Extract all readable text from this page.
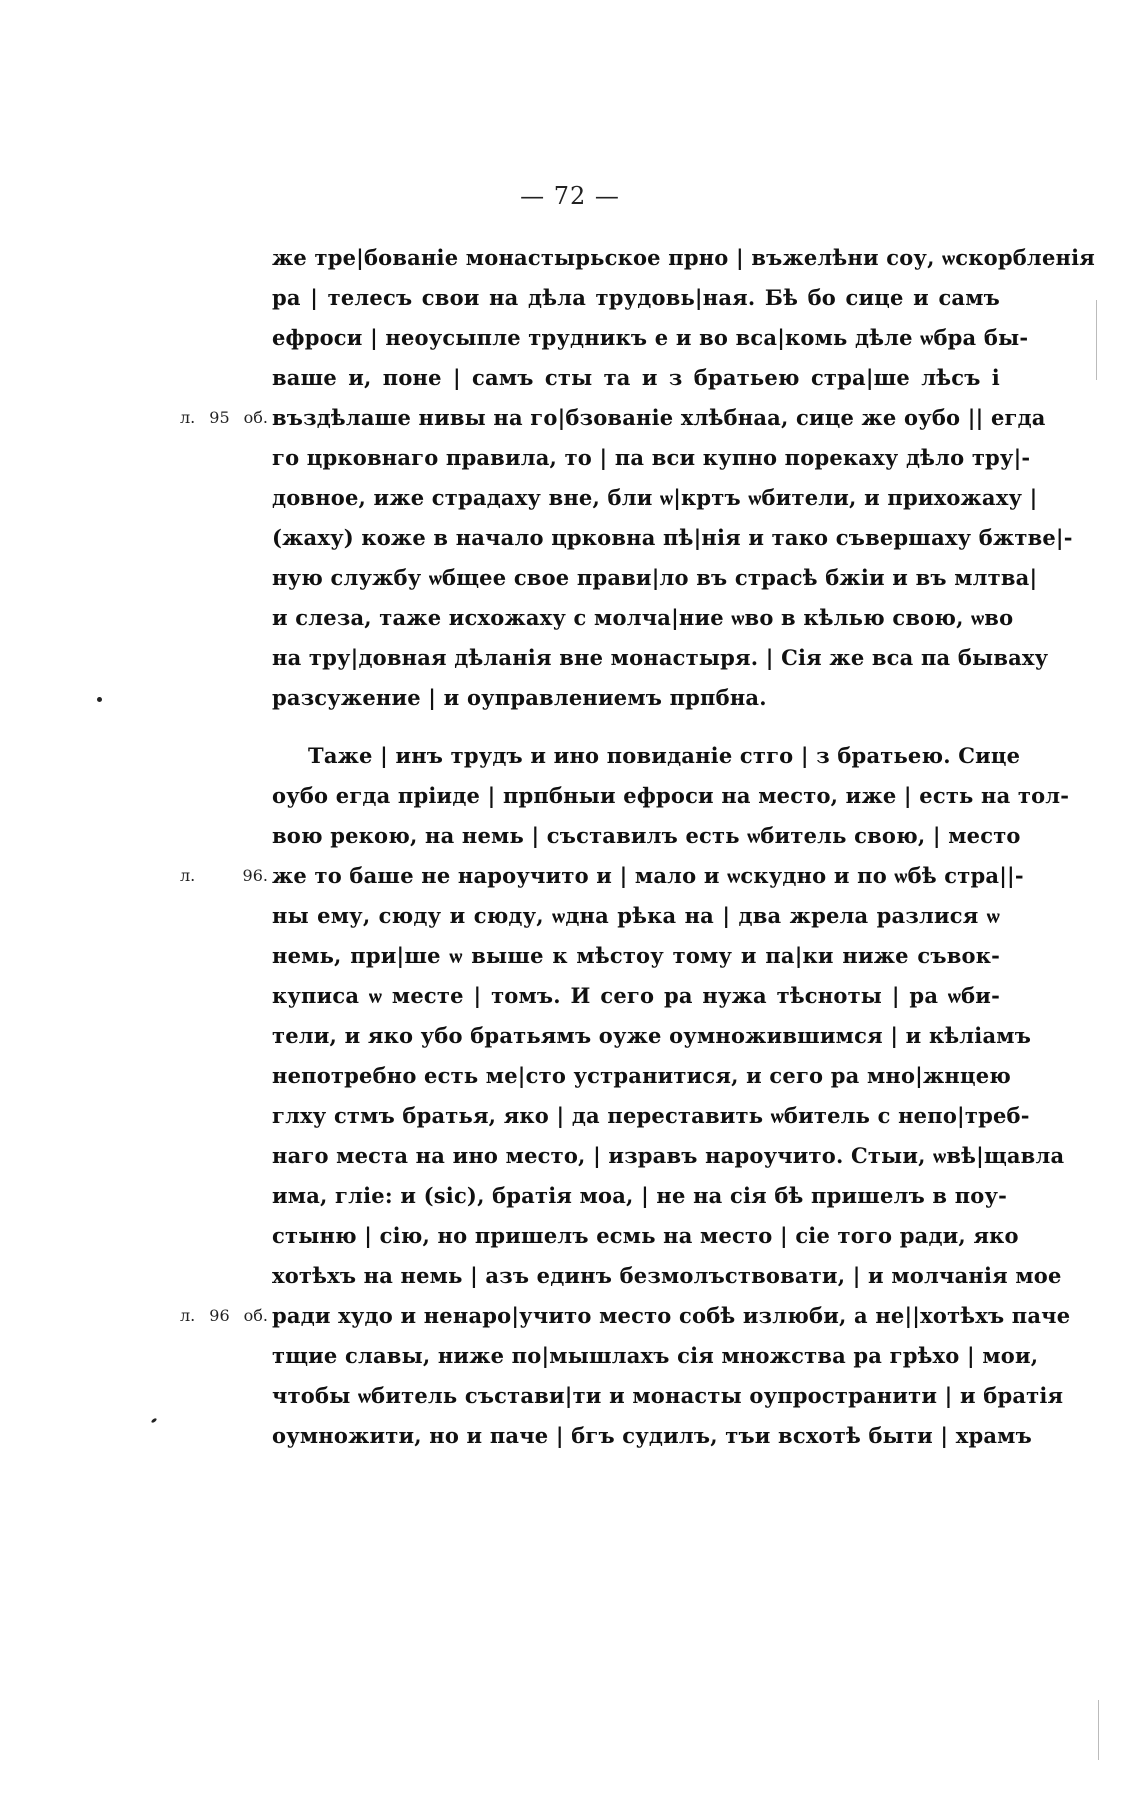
— 72 —
же тре|бованіе монастырьское прно | въжелѣни соу, ѡскорбленія
ра | телесъ свои на дѣла трудовь|ная. Бѣ бо сице и самъ
ефроси | неоусыпле трудникъ е и во вса|комь дѣле ѡбра бы-
ваше и, поне | самъ сты та и з братьею стра|ше лѣсъ і
л. 95 об. въздѣлаше нивы на го|бзованіе хлѣбнаа, сице же оубо || егда
го црковнаго правила, то | па вси купно порекаху дѣло тру|-
довное, иже страдаху вне, бли ѡ|кртъ ѡбители, и прихожаху |
(жаху) коже в начало црковна пѣ|нія и тако съвершаху бжтве|-
ную службу ѡбщее свое прави|ло въ страсѣ бжіи и въ млтва|
и слеза, таже исхожаху с молча|ние ѡво в кѣлью свою, ѡво
на тру|довная дѣланія вне монастыря. | Сія же вса па бываху
разсужение | и оуправлениемъ прпбна.
Таже | инъ трудъ и ино повиданіе стго | з братьею. Сице
оубо егда пріиде | прпбныи ефроси на место, иже | есть на тол-
вою рекою, на немь | съставилъ есть ѡбитель свою, | место
л. 96. же то баше не нароучито и | мало и ѡскудно и по ѡбѣ стра||-
ны ему, сюду и сюду, ѡдна рѣка на | два жрела разлися ѡ
немь, при|ше ѡ выше к мѣстоу тому и па|ки ниже съвок-
куписа ѡ месте | томъ. И сего ра нужа тѣсноты | ра ѡби-
тели, и яко убо братьямъ оуже оумножившимся | и кѣліамъ
непотребно есть ме|сто устранитися, и сего ра мно|жнцею
глху стмъ братья, яко | да переставить ѡбитель с непо|треб-
наго места на ино место, | изравъ нароучито. Стыи, ѡвѣ|щавла
има, гліе: и (sic), братія моа, | не на сія бѣ пришелъ в поу-
стыню | сію, но пришелъ есмь на место | сіе того ради, яко
хотѣхъ на немь | азъ единъ безмолъствовати, | и молчанія мое
л. 96 об. ради худо и ненаро|учито место собѣ излюби, а не||хотѣхъ паче
тщие славы, ниже по|мышлахъ сія множства ра грѣхо | мои,
чтобы ѡбитель състави|ти и монасты оупространити | и братія
оумножити, но и паче | бгъ судилъ, тъи всхотѣ быти | храмъ
